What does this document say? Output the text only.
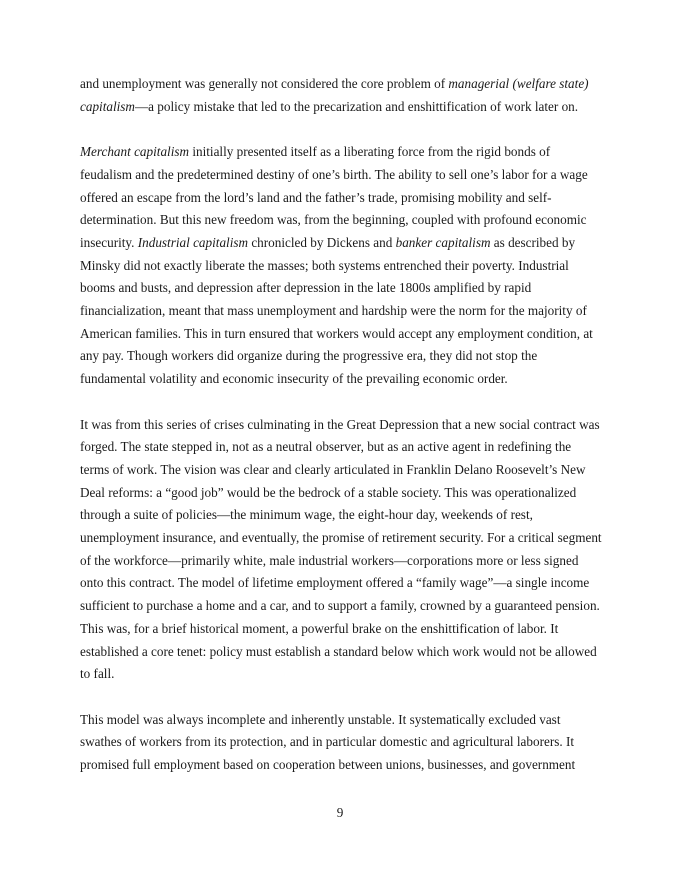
and unemployment was generally not considered the core problem of managerial (welfare state) capitalism—a policy mistake that led to the precarization and enshittification of work later on.

Merchant capitalism initially presented itself as a liberating force from the rigid bonds of feudalism and the predetermined destiny of one’s birth. The ability to sell one’s labor for a wage offered an escape from the lord’s land and the father’s trade, promising mobility and self-determination. But this new freedom was, from the beginning, coupled with profound economic insecurity. Industrial capitalism chronicled by Dickens and banker capitalism as described by Minsky did not exactly liberate the masses; both systems entrenched their poverty. Industrial booms and busts, and depression after depression in the late 1800s amplified by rapid financialization, meant that mass unemployment and hardship were the norm for the majority of American families. This in turn ensured that workers would accept any employment condition, at any pay. Though workers did organize during the progressive era, they did not stop the fundamental volatility and economic insecurity of the prevailing economic order.

It was from this series of crises culminating in the Great Depression that a new social contract was forged. The state stepped in, not as a neutral observer, but as an active agent in redefining the terms of work. The vision was clear and clearly articulated in Franklin Delano Roosevelt’s New Deal reforms: a “good job” would be the bedrock of a stable society. This was operationalized through a suite of policies—the minimum wage, the eight-hour day, weekends of rest, unemployment insurance, and eventually, the promise of retirement security. For a critical segment of the workforce—primarily white, male industrial workers—corporations more or less signed onto this contract. The model of lifetime employment offered a “family wage”—a single income sufficient to purchase a home and a car, and to support a family, crowned by a guaranteed pension. This was, for a brief historical moment, a powerful brake on the enshittification of labor. It established a core tenet: policy must establish a standard below which work would not be allowed to fall.

This model was always incomplete and inherently unstable. It systematically excluded vast swathes of workers from its protection, and in particular domestic and agricultural laborers. It promised full employment based on cooperation between unions, businesses, and government

9
